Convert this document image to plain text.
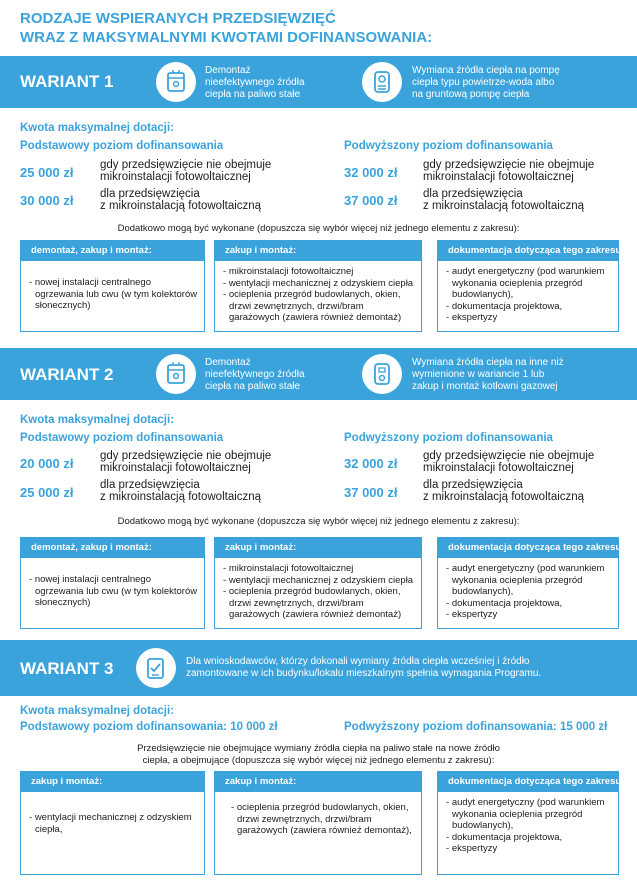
RODZAJE WSPIERANYCH PRZEDSIĘWZIĘĆ
WRAZ Z MAKSYMALNYMI KWOTAMI DOFINANSOWANIA:
WARIANT 1
Demontaż
nieefektywnego źródła
ciepła na paliwo stałe
Wymiana źródła ciepła na pompę
ciepła typu powietrze-woda albo
na gruntową pompę ciepła
Kwota maksymalnej dotacji:
Podstawowy poziom dofinansowania	Podwyższony poziom dofinansowania
25 000 zł gdy przedsięwzięcie nie obejmuje
mikroinstalacji fotowoltaicznej
30 000 zł dla przedsięwzięcia
z mikroinstalacją fotowoltaiczną
32 000 zł gdy przedsięwzięcie nie obejmuje
mikroinstalacji fotowoltaicznej
37 000 zł dla przedsięwzięcia
z mikroinstalacją fotowoltaiczną
Dodatkowo mogą być wykonane (dopuszcza się wybór więcej niż jednego elementu z zakresu):
demontaż, zakup i montaż:
- nowej instalacji centralnego ogrzewania lub cwu (w tym kolektorów słonecznych)
zakup i montaż:
- mikroinstalacji fotowoltaicznej
- wentylacji mechanicznej z odzyskiem ciepła
- ocieplenia przegród budowlanych, okien, drzwi zewnętrznych, drzwi/bram garażowych (zawiera również demontaż)
dokumentacja dotycząca tego zakresu:
- audyt energetyczny (pod warunkiem wykonania ocieplenia przegród budowlanych),
- dokumentacja projektowa,
- ekspertyzy
WARIANT 2
Demontaż
nieefektywnego źródła
ciepła na paliwo stałe
Wymiana źródła ciepła na inne niż
wymienione w wariancie 1 lub
zakup i montaż kotłowni gazowej
Kwota maksymalnej dotacji:
Podstawowy poziom dofinansowania	Podwyższony poziom dofinansowania
20 000 zł gdy przedsięwzięcie nie obejmuje
mikroinstalacji fotowoltaicznej
25 000 zł dla przedsięwzięcia
z mikroinstalacją fotowoltaiczną
32 000 zł gdy przedsięwzięcie nie obejmuje
mikroinstalacji fotowoltaicznej
37 000 zł dla przedsięwzięcia
z mikroinstalacją fotowoltaiczną
Dodatkowo mogą być wykonane (dopuszcza się wybór więcej niż jednego elementu z zakresu):
demontaż, zakup i montaż:
- nowej instalacji centralnego ogrzewania lub cwu (w tym kolektorów słonecznych)
zakup i montaż:
- mikroinstalacji fotowoltaicznej
- wentylacji mechanicznej z odzyskiem ciepła
- ocieplenia przegród budowlanych, okien, drzwi zewnętrznych, drzwi/bram garażowych (zawiera również demontaż)
dokumentacja dotycząca tego zakresu:
- audyt energetyczny (pod warunkiem wykonania ocieplenia przegród budowlanych),
- dokumentacja projektowa,
- ekspertyzy
WARIANT 3	Dla wnioskodawców, którzy dokonali wymiany źródła ciepła wcześniej i źródło
zamontowane w ich budynku/lokalu mieszkalnym spełnia wymagania Programu.
Kwota maksymalnej dotacji:
Podstawowy poziom dofinansowania: 10 000 zł	Podwyższony poziom dofinansowania: 15 000 zł
Przedsięwzięcie nie obejmujące wymiany źródła ciepła na paliwo stałe na nowe źródło
ciepła, a obejmujące (dopuszcza się wybór więcej niż jednego elementu z zakresu):
zakup i montaż:
- wentylacji mechanicznej z odzyskiem ciepła,
zakup i montaż:
- ocieplenia przegród budowlanych, okien, drzwi zewnętrznych, drzwi/bram garażowych (zawiera również demontaż),
dokumentacja dotycząca tego zakresu:
- audyt energetyczny (pod warunkiem wykonania ocieplenia przegród budowlanych),
- dokumentacja projektowa,
- ekspertyzy
